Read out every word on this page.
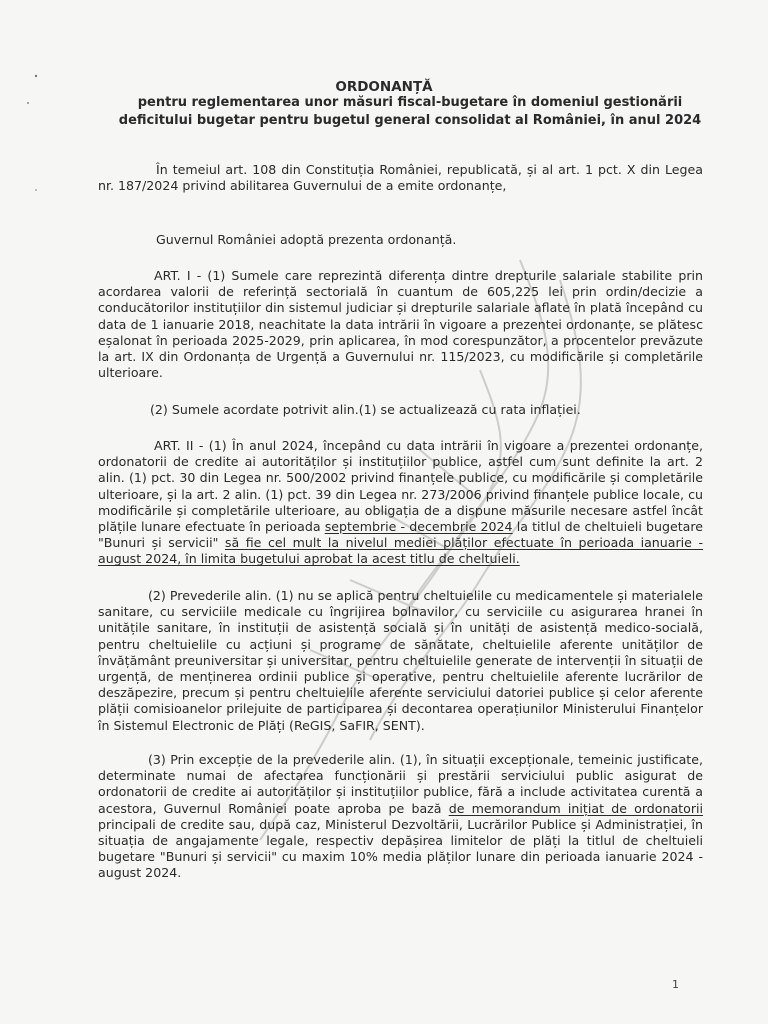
ORDONANȚĂ
pentru reglementarea unor măsuri fiscal-bugetare în domeniul gestionării
deficitului bugetar pentru bugetul general consolidat al României, în anul 2024
În temeiul art. 108 din Constituția României, republicată, și al art. 1 pct. X din Legea nr. 187/2024 privind abilitarea Guvernului de a emite ordonanțe,
Guvernul României adoptă prezenta ordonanță.
ART. I - (1) Sumele care reprezintă diferența dintre drepturile salariale stabilite prin acordarea valorii de referință sectorială în cuantum de 605,225 lei prin ordin/decizie a conducătorilor instituțiilor din sistemul judiciar și drepturile salariale aflate în plată începând cu data de 1 ianuarie 2018, neachitate la data intrării în vigoare a prezentei ordonanțe, se plătesc eșalonat în perioada 2025-2029, prin aplicarea, în mod corespunzător, a procentelor prevăzute la art. IX din Ordonanța de Urgență a Guvernului nr. 115/2023, cu modificările și completările ulterioare.
(2) Sumele acordate potrivit alin.(1) se actualizează cu rata inflației.
ART. II - (1) În anul 2024, începând cu data intrării în vigoare a prezentei ordonanțe, ordonatorii de credite ai autorităților și instituțiilor publice, astfel cum sunt definite la art. 2 alin. (1) pct. 30 din Legea nr. 500/2002 privind finanțele publice, cu modificările și completările ulterioare, și la art. 2 alin. (1) pct. 39 din Legea nr. 273/2006 privind finanțele publice locale, cu modificările și completările ulterioare, au obligația de a dispune măsurile necesare astfel încât plățile lunare efectuate în perioada septembrie - decembrie 2024 la titlul de cheltuieli bugetare "Bunuri și servicii" să fie cel mult la nivelul mediei plăților efectuate în perioada ianuarie - august 2024, în limita bugetului aprobat la acest titlu de cheltuieli.
(2) Prevederile alin. (1) nu se aplică pentru cheltuielile cu medicamentele și materialele sanitare, cu serviciile medicale cu îngrijirea bolnavilor, cu serviciile cu asigurarea hranei în unitățile sanitare, în instituții de asistență socială și în unități de asistență medico-socială, pentru cheltuielile cu acțiuni și programe de sănătate, cheltuielile aferente unităților de învățământ preuniversitar și universitar, pentru cheltuielile generate de intervenții în situații de urgență, de menținerea ordinii publice și operative, pentru cheltuielile aferente lucrărilor de deszăpezire, precum și pentru cheltuielile aferente serviciului datoriei publice și celor aferente plății comisioanelor prilejuite de participarea și decontarea operațiunilor Ministerului Finanțelor în Sistemul Electronic de Plăți (ReGIS, SaFIR, SENT).
(3) Prin excepție de la prevederile alin. (1), în situații excepționale, temeinic justificate, determinate numai de afectarea funcționării și prestării serviciului public asigurat de ordonatorii de credite ai autorităților și instituțiilor publice, fără a include activitatea curentă a acestora, Guvernul României poate aproba pe bază de memorandum inițiat de ordonatorii principali de credite sau, după caz, Ministerul Dezvoltării, Lucrărilor Publice și Administrației, în situația de angajamente legale, respectiv depășirea limitelor de plăți la titlul de cheltuieli bugetare "Bunuri și servicii" cu maxim 10% media plăților lunare din perioada ianuarie 2024 - august 2024.
1
